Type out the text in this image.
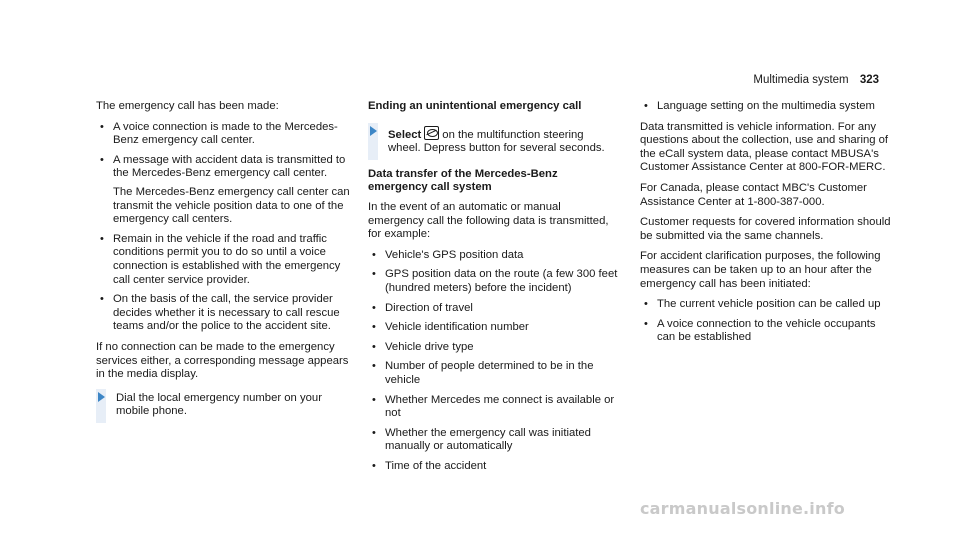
Multimedia system 323

The emergency call has been made:

• A voice connection is made to the Mercedes-Benz emergency call center.
• A message with accident data is transmitted to the Mercedes-Benz emergency call center.
The Mercedes-Benz emergency call center can transmit the vehicle position data to one of the emergency call centers.
• Remain in the vehicle if the road and traffic conditions permit you to do so until a voice connection is established with the emergency call center service provider.
• On the basis of the call, the service provider decides whether it is necessary to call rescue teams and/or the police to the accident site.

If no connection can be made to the emergency services either, a corresponding message appears in the media display.

Dial the local emergency number on your mobile phone.
Ending an unintentional emergency call
Select on the multifunction steering wheel. Depress button for several seconds.
Data transfer of the Mercedes-Benz emergency call system

In the event of an automatic or manual emergency call the following data is transmitted, for example:

• Vehicle's GPS position data
• GPS position data on the route (a few 300 feet (hundred meters) before the incident)
• Direction of travel
• Vehicle identification number
• Vehicle drive type
• Number of people determined to be in the vehicle
• Whether Mercedes me connect is available or not
• Whether the emergency call was initiated manually or automatically
• Time of the accident
• Language setting on the multimedia system

Data transmitted is vehicle information. For any questions about the collection, use and sharing of the eCall system data, please contact MBUSA's Customer Assistance Center at 800-FOR-MERC.

For Canada, please contact MBC's Customer Assistance Center at 1-800-387-000.

Customer requests for covered information should be submitted via the same channels.

For accident clarification purposes, the following measures can be taken up to an hour after the emergency call has been initiated:

• The current vehicle position can be called up
• A voice connection to the vehicle occupants can be established
carmanualsonline.info
